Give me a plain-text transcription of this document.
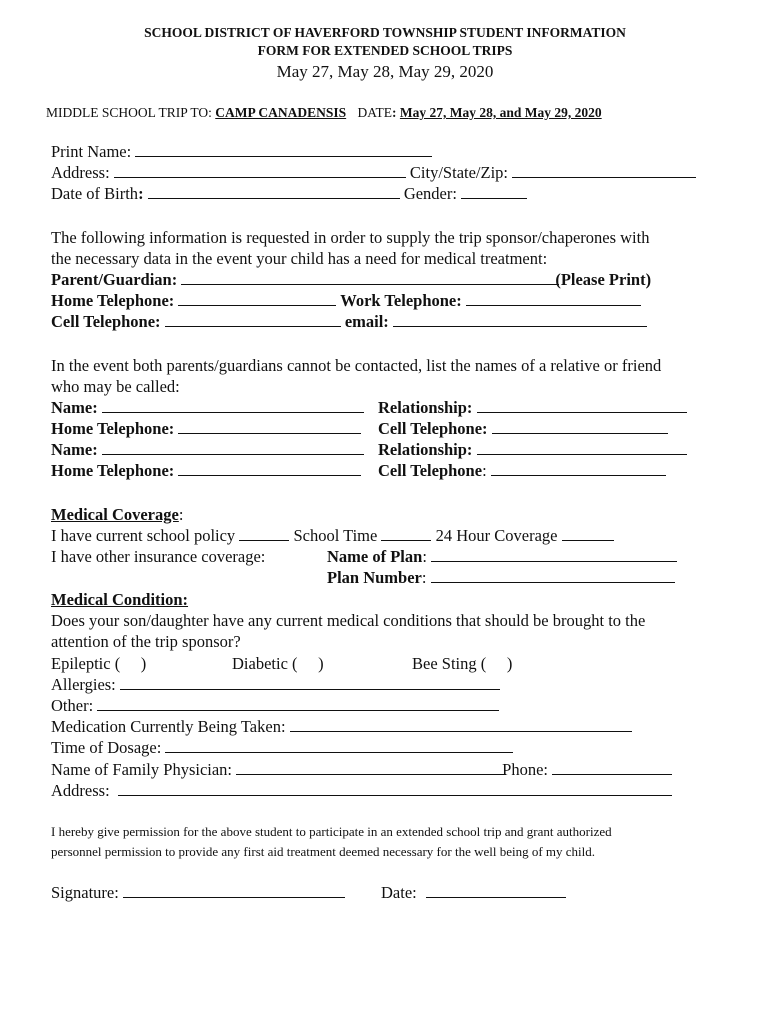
SCHOOL DISTRICT OF HAVERFORD TOWNSHIP STUDENT INFORMATION
FORM FOR EXTENDED SCHOOL TRIPS
May 27, May 28, May 29, 2020
MIDDLE SCHOOL TRIP TO: CAMP CANADENSIS DATE: May 27, May 28, and May 29, 2020
Print Name:
Address:	City/State/Zip:
Date of Birth:	Gender:
The following information is requested in order to supply the trip sponsor/chaperones with
the necessary data in the event your child has a need for medical treatment:
Parent/Guardian:	(Please Print)
Home Telephone:	Work Telephone:
Cell Telephone:	email:
In the event both parents/guardians cannot be contacted, list the names of a relative or friend
who may be called:
Name:	Relationship:
Home Telephone:	Cell Telephone:
Name:	Relationship:
Home Telephone:	Cell Telephone:
Medical Coverage:
I have current school policy	School Time	24 Hour Coverage
I have other insurance coverage:	Name of Plan:
Plan Number:
Medical Condition:
Does your son/daughter have any current medical conditions that should be brought to the
attention of the trip sponsor?
Epileptic (     )	Diabetic (     )	Bee Sting (     )
Allergies:
Other:
Medication Currently Being Taken:
Time of Dosage:
Name of Family Physician:	Phone:
Address:
I hereby give permission for the above student to participate in an extended school trip and grant authorized
personnel permission to provide any first aid treatment deemed necessary for the well being of my child.
Signature:	Date:
